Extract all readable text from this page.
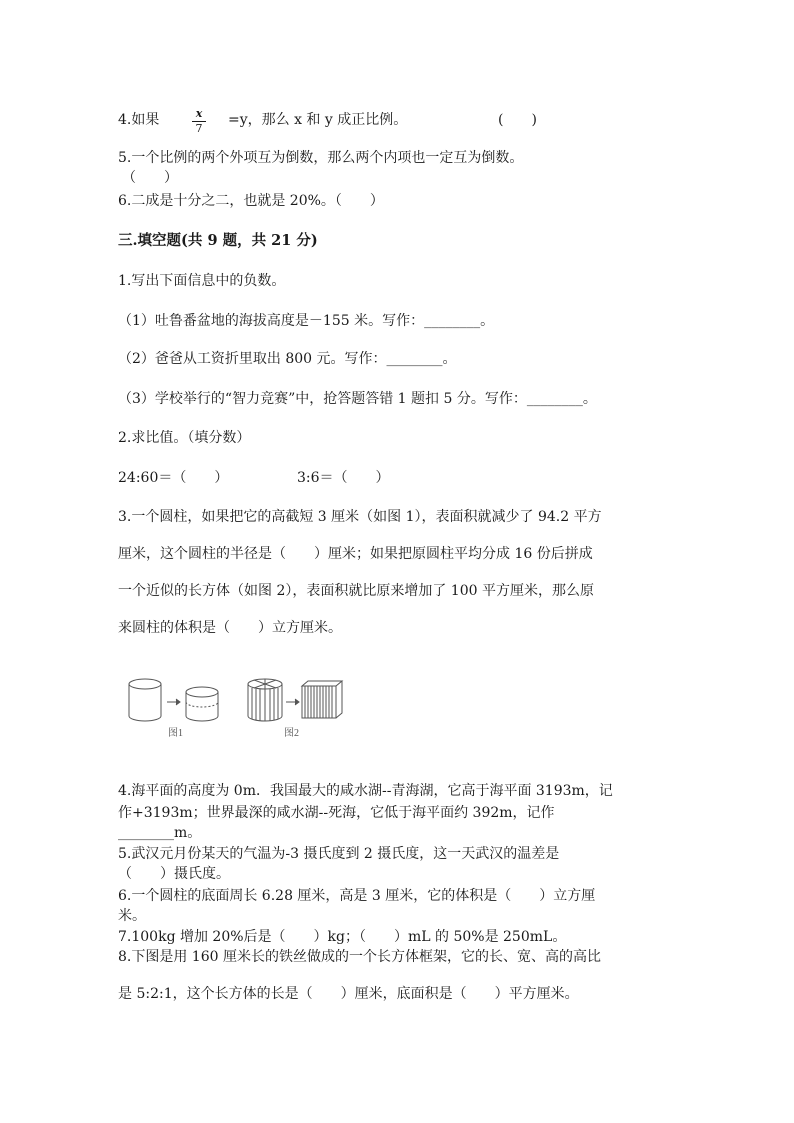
4.如果	x
7
=y，那么 x 和 y 成正比例。	(　　)
5.一个比例的两个外项互为倒数，那么两个内项也一定互为倒数。
（　　）
6.二成是十分之二，也就是 20%。（　　）
三.填空题(共 9 题，共 21 分)
1.写出下面信息中的负数。
（1）吐鲁番盆地的海拔高度是－155 米。写作：________。
（2）爸爸从工资折里取出 800 元。写作：________。
（3）学校举行的“智力竞赛”中，抢答题答错 1 题扣 5 分。写作：________。
2.求比值。（填分数）
24:60＝（　　）	3:6＝（　　）
3.一个圆柱，如果把它的高截短 3 厘米（如图 1），表面积就减少了 94.2 平方
厘米，这个圆柱的半径是（　　）厘米；如果把原圆柱平均分成 16 份后拼成
一个近似的长方体（如图 2），表面积就比原来增加了 100 平方厘米，那么原
来圆柱的体积是（　　）立方厘米。
图1	图2
4.海平面的高度为 0m．我国最大的咸水湖--青海湖，它高于海平面 3193m，记
作+3193m；世界最深的咸水湖--死海，它低于海平面约 392m，记作
________m。
5.武汉元月份某天的气温为-3 摄氏度到 2 摄氏度，这一天武汉的温差是
（　　）摄氏度。
6.一个圆柱的底面周长 6.28 厘米，高是 3 厘米，它的体积是（　　）立方厘
米。
7.100kg 增加 20%后是（　　）kg；（　　）mL 的 50%是 250mL。
8.下图是用 160 厘米长的铁丝做成的一个长方体框架，它的长、宽、高的高比
是 5:2:1，这个长方体的长是（　　）厘米，底面积是（　　）平方厘米。
